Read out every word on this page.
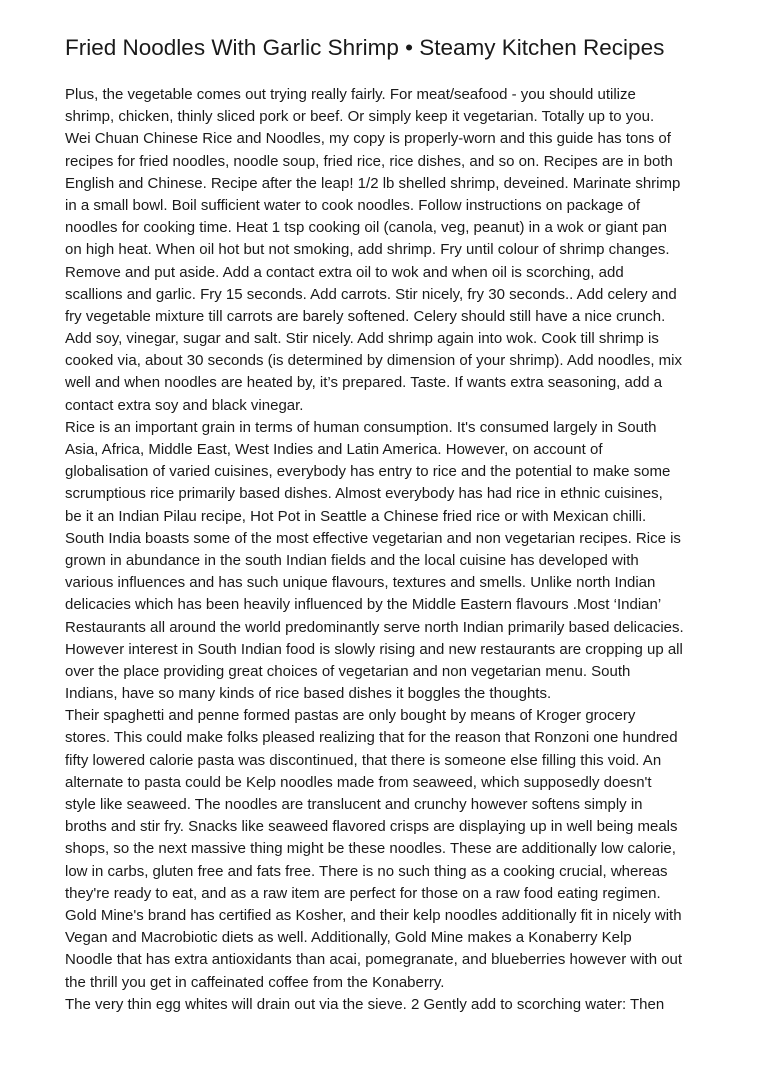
Fried Noodles With Garlic Shrimp • Steamy Kitchen Recipes
Plus, the vegetable comes out trying really fairly. For meat/seafood - you should utilize
shrimp, chicken, thinly sliced pork or beef. Or simply keep it vegetarian. Totally up to you.
Wei Chuan Chinese Rice and Noodles, my copy is properly-worn and this guide has tons of
recipes for fried noodles, noodle soup, fried rice, rice dishes, and so on. Recipes are in both
English and Chinese. Recipe after the leap! 1/2 lb shelled shrimp, deveined. Marinate shrimp
in a small bowl. Boil sufficient water to cook noodles. Follow instructions on package of
noodles for cooking time. Heat 1 tsp cooking oil (canola, veg, peanut) in a wok or giant pan
on high heat. When oil hot but not smoking, add shrimp. Fry until colour of shrimp changes.
Remove and put aside. Add a contact extra oil to wok and when oil is scorching, add
scallions and garlic. Fry 15 seconds. Add carrots. Stir nicely, fry 30 seconds.. Add celery and
fry vegetable mixture till carrots are barely softened. Celery should still have a nice crunch.
Add soy, vinegar, sugar and salt. Stir nicely. Add shrimp again into wok. Cook till shrimp is
cooked via, about 30 seconds (is determined by dimension of your shrimp). Add noodles, mix
well and when noodles are heated by, it’s prepared. Taste. If wants extra seasoning, add a
contact extra soy and black vinegar.
Rice is an important grain in terms of human consumption. It's consumed largely in South
Asia, Africa, Middle East, West Indies and Latin America. However, on account of
globalisation of varied cuisines, everybody has entry to rice and the potential to make some
scrumptious rice primarily based dishes. Almost everybody has had rice in ethnic cuisines,
be it an Indian Pilau recipe, Hot Pot in Seattle a Chinese fried rice or with Mexican chilli.
South India boasts some of the most effective vegetarian and non vegetarian recipes. Rice is
grown in abundance in the south Indian fields and the local cuisine has developed with
various influences and has such unique flavours, textures and smells. Unlike north Indian
delicacies which has been heavily influenced by the Middle Eastern flavours .Most ‘Indian’
Restaurants all around the world predominantly serve north Indian primarily based delicacies.
However interest in South Indian food is slowly rising and new restaurants are cropping up all
over the place providing great choices of vegetarian and non vegetarian menu. South
Indians, have so many kinds of rice based dishes it boggles the thoughts.
Their spaghetti and penne formed pastas are only bought by means of Kroger grocery
stores. This could make folks pleased realizing that for the reason that Ronzoni one hundred
fifty lowered calorie pasta was discontinued, that there is someone else filling this void. An
alternate to pasta could be Kelp noodles made from seaweed, which supposedly doesn't
style like seaweed. The noodles are translucent and crunchy however softens simply in
broths and stir fry. Snacks like seaweed flavored crisps are displaying up in well being meals
shops, so the next massive thing might be these noodles. These are additionally low calorie,
low in carbs, gluten free and fats free. There is no such thing as a cooking crucial, whereas
they're ready to eat, and as a raw item are perfect for those on a raw food eating regimen.
Gold Mine's brand has certified as Kosher, and their kelp noodles additionally fit in nicely with
Vegan and Macrobiotic diets as well. Additionally, Gold Mine makes a Konaberry Kelp
Noodle that has extra antioxidants than acai, pomegranate, and blueberries however with out
the thrill you get in caffeinated coffee from the Konaberry.
The very thin egg whites will drain out via the sieve. 2 Gently add to scorching water: Then
